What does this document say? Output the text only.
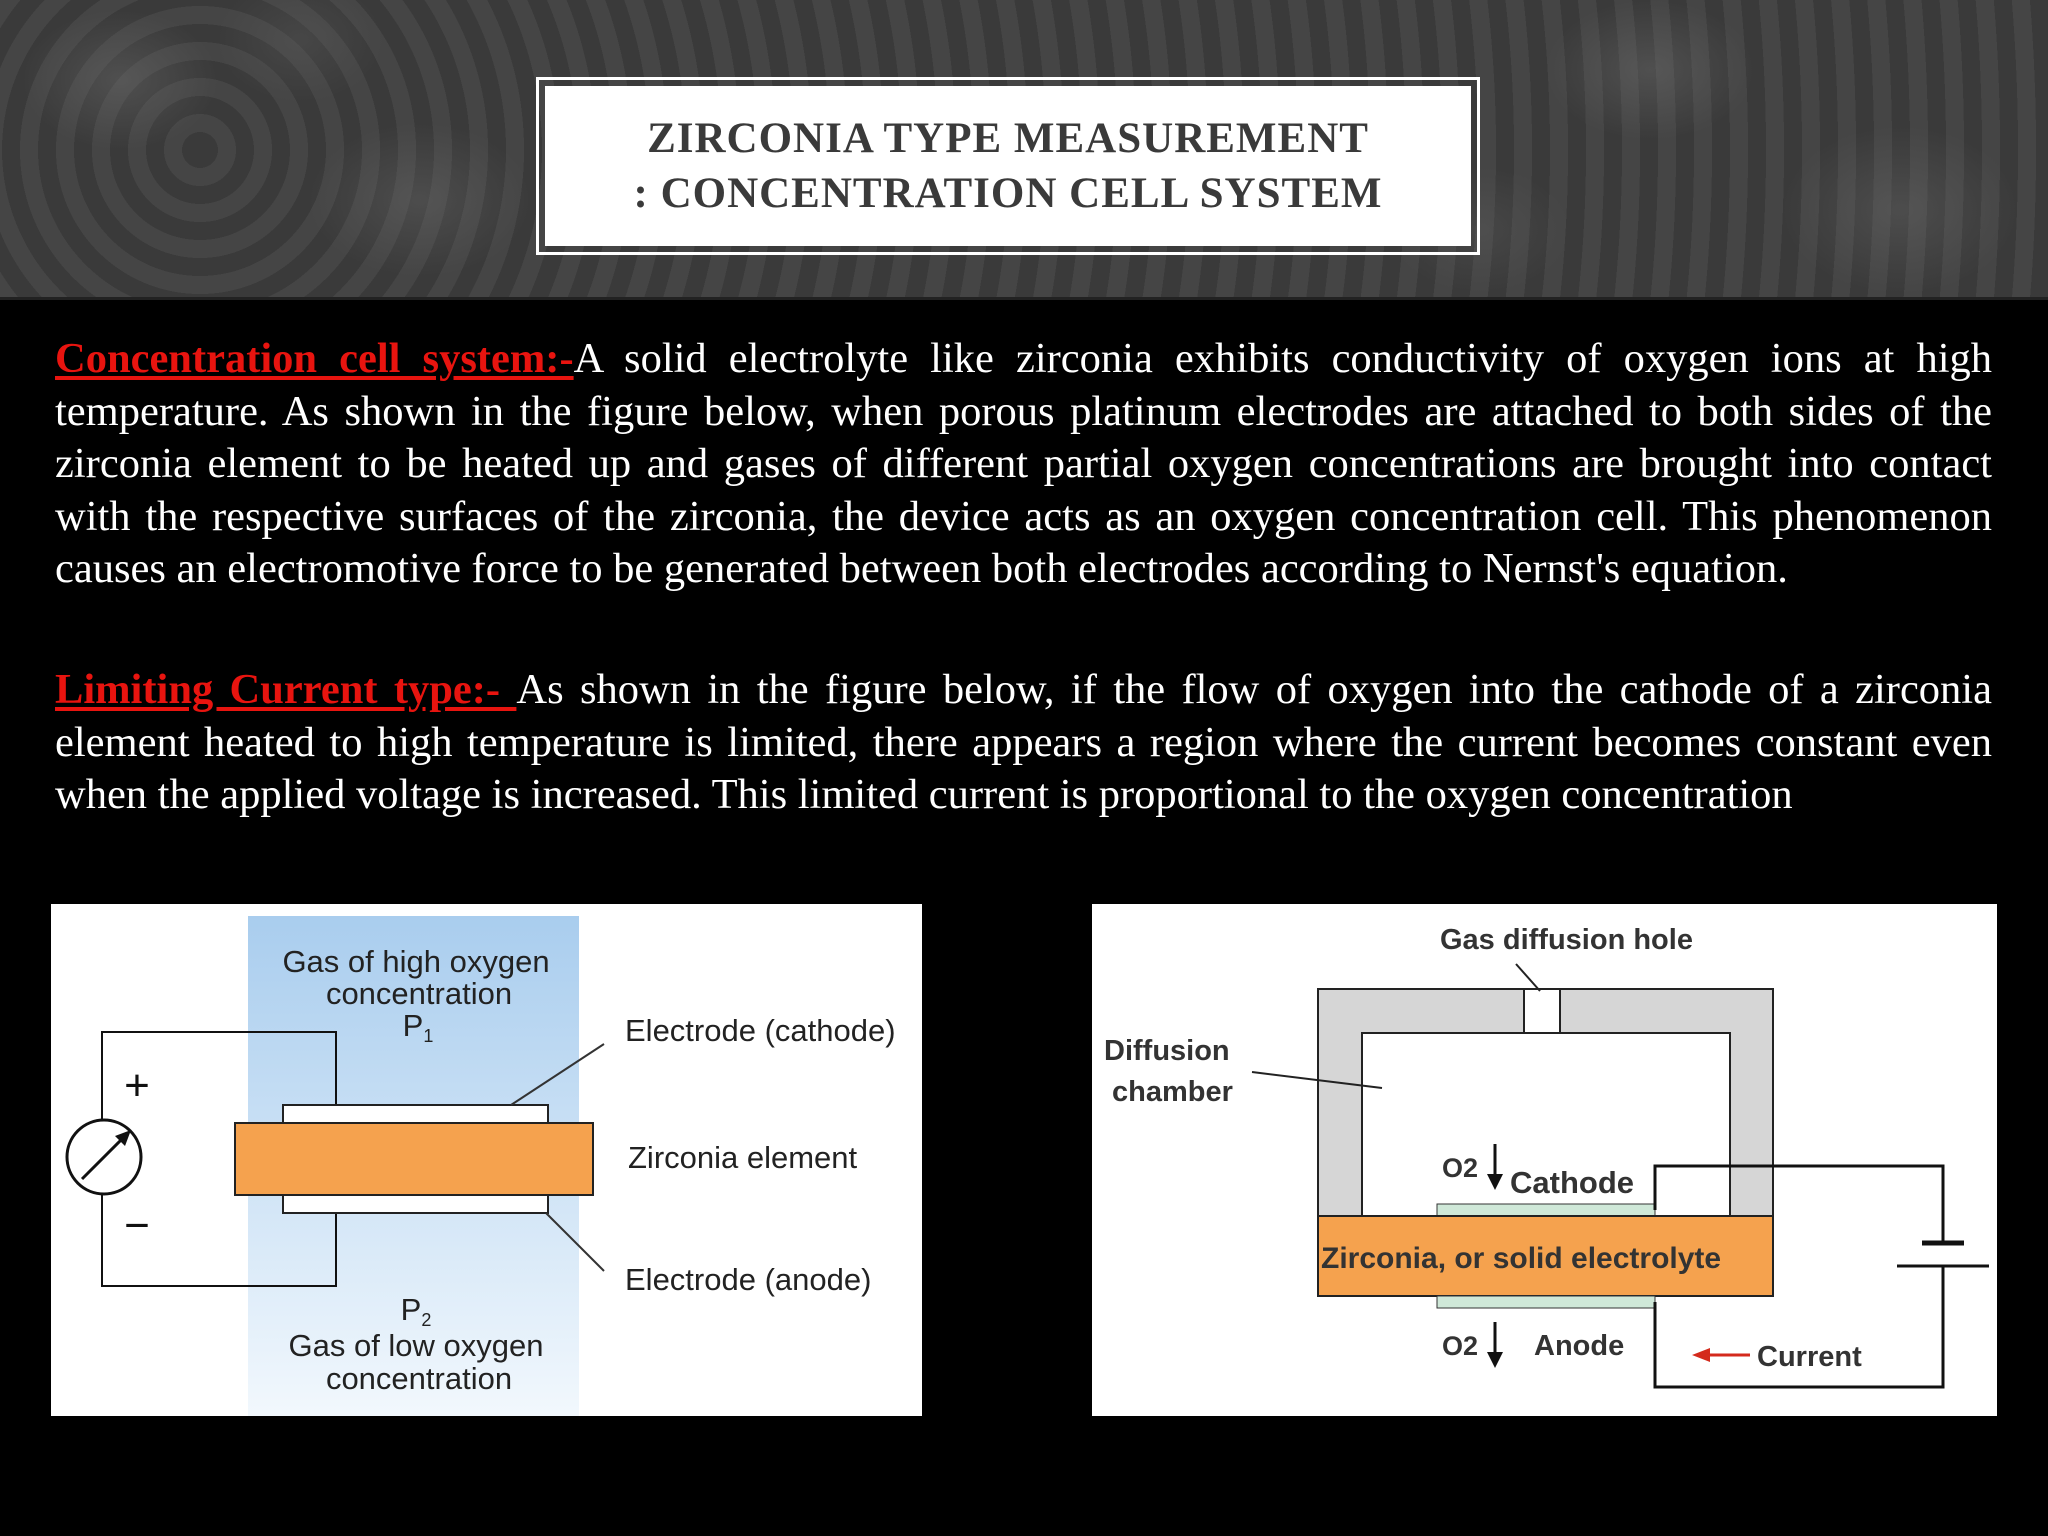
ZIRCONIA TYPE MEASUREMENT
: CONCENTRATION CELL SYSTEM
Concentration cell system:-A solid electrolyte like zirconia exhibits conductivity of oxygen ions at high temperature. As shown in the figure below, when porous platinum electrodes are attached to both sides of the zirconia element to be heated up and gases of different partial oxygen concentrations are brought into contact with the respective surfaces of the zirconia, the device acts as an oxygen concentration cell. This phenomenon causes an electromotive force to be generated between both electrodes according to Nernst's equation.
Limiting Current type:- As shown in the figure below, if the flow of oxygen into the cathode of a zirconia element heated to high temperature is limited, there appears a region where the current becomes constant even when the applied voltage is increased. This limited current is proportional to the oxygen concentration
+
−
Gas of high oxygen
concentration
P1	Electrode (cathode)
Zirconia element
Electrode (anode)
P2
Gas of low oxygen
concentration
Gas diffusion hole
Diffusion
chamber
O2 Cathode
Zirconia, or solid electrolyte
O2 Anode	Current
